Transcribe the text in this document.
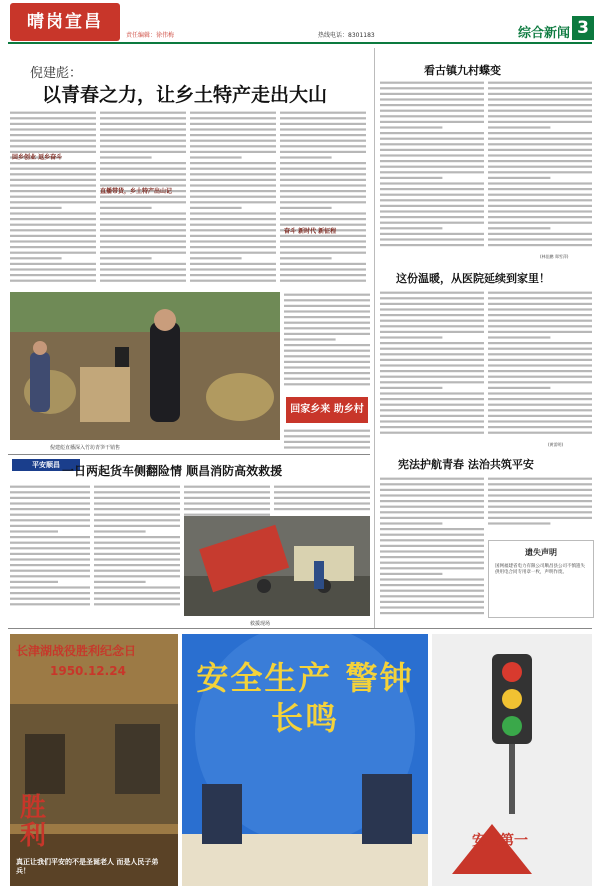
晴岗宣昌
责任编辑：徐伟梅	热线电话：8301183	综合新闻 3
倪建彪：
以青春之力，让乡土特产走出大山
回乡创业 返乡奋斗
直播带货，乡土特产出山记
奋斗 新时代 新征程
倪建彪直播深入竹坊青笋干销售
回家乡来 助乡村
平安顺昌 一日两起货车侧翻险情 顺昌消防高效救援
救援现场
看古镇九村蝶变
(林佳鹏 郑雪萍)
这份温暖，从医院延续到家里！
(黄雷明)
宪法护航青春 法治共筑平安
遗失声明
国网福建省电力有限公司顺昌县公司不慎遗失供用电合同专用章一枚，声明作废。
长津湖战役胜利纪念日
1950.12.24
胜利
真正让我们平安的不是圣诞老人 而是人民子弟兵！
安全生产 警钟长鸣
安全第一
